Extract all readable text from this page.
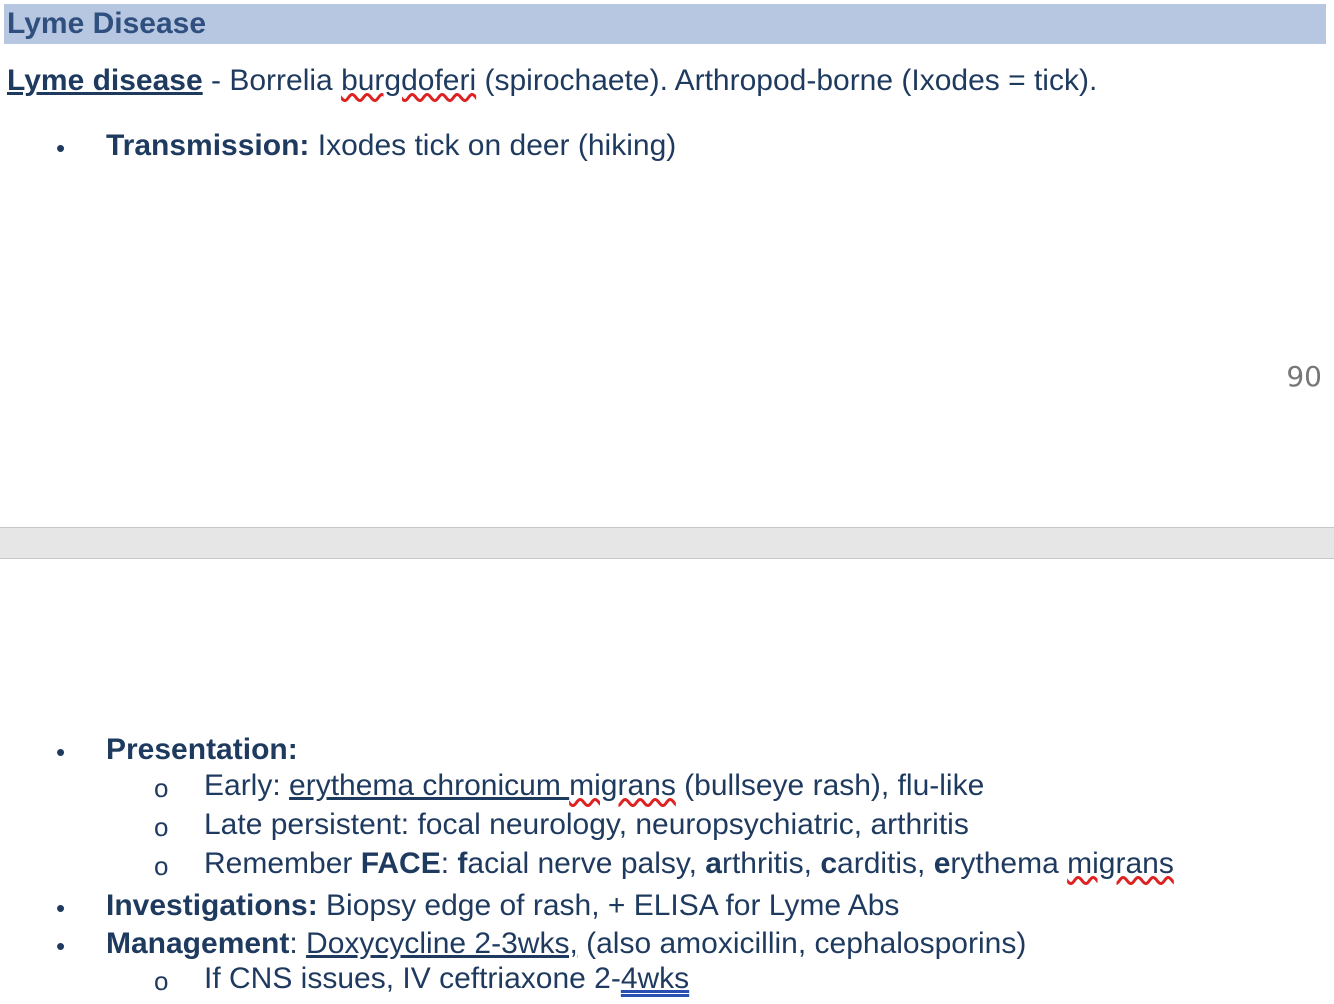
Lyme Disease
Lyme disease - Borrelia burgdoferi (spirochaete). Arthropod-borne (Ixodes = tick).
• Transmission: Ixodes tick on deer (hiking)
90
• Presentation:
o Early: erythema chronicum migrans (bullseye rash), flu-like
o Late persistent: focal neurology, neuropsychiatric, arthritis
o Remember FACE: facial nerve palsy, arthritis, carditis, erythema migrans
• Investigations: Biopsy edge of rash, + ELISA for Lyme Abs
• Management: Doxycycline 2-3wks, (also amoxicillin, cephalosporins)
o If CNS issues, IV ceftriaxone 2-4wks
